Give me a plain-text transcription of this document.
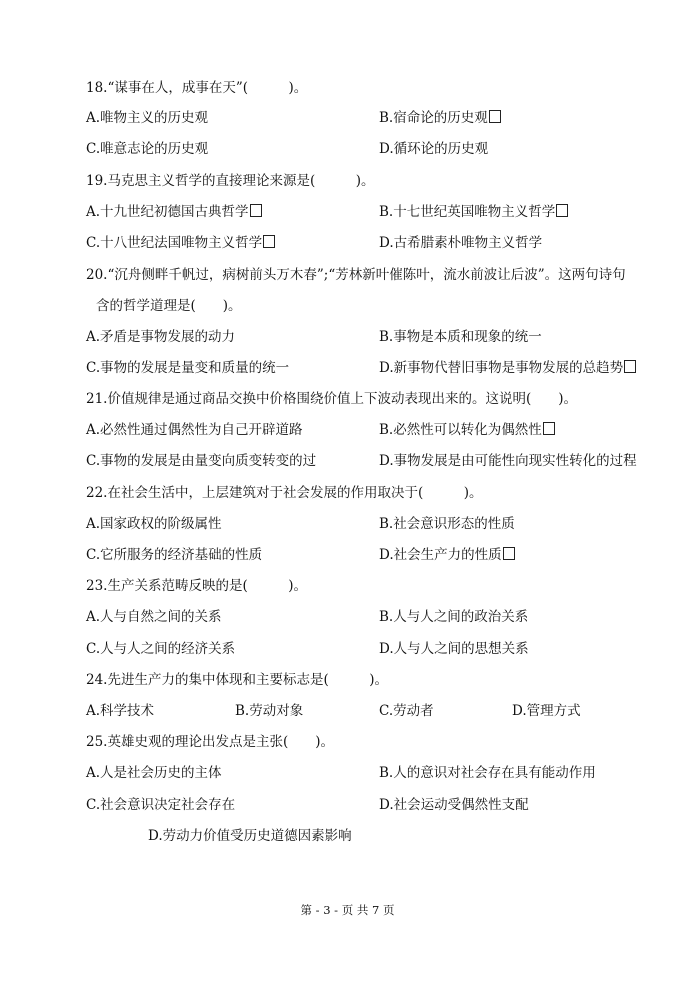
18.“谋事在人，成事在天”(　　　)。
A.唯物主义的历史观	B.宿命论的历史观
C.唯意志论的历史观	D.循环论的历史观
19.马克思主义哲学的直接理论来源是(　　　)。
A.十九世纪初德国古典哲学	B.十七世纪英国唯物主义哲学
C.十八世纪法国唯物主义哲学	D.古希腊素朴唯物主义哲学
20.“沉舟侧畔千帆过，病树前头万木春”;“芳林新叶催陈叶，流水前波让后波”。这两句诗句
含的哲学道理是(　　)。
A.矛盾是事物发展的动力	B.事物是本质和现象的统一
C.事物的发展是量变和质量的统一	D.新事物代替旧事物是事物发展的总趋势
21.价值规律是通过商品交换中价格围绕价值上下波动表现出来的。这说明(　　)。
A.必然性通过偶然性为自己开辟道路	B.必然性可以转化为偶然性
C.事物的发展是由量变向质变转变的过	D.事物发展是由可能性向现实性转化的过程
22.在社会生活中，上层建筑对于社会发展的作用取决于(　　　)。
A.国家政权的阶级属性	B.社会意识形态的性质
C.它所服务的经济基础的性质	D.社会生产力的性质
23.生产关系范畴反映的是(　　　)。
A.人与自然之间的关系	B.人与人之间的政治关系
C.人与人之间的经济关系	D.人与人之间的思想关系
24.先进生产力的集中体现和主要标志是(　　　)。
A.科学技术	B.劳动对象	C.劳动者	D.管理方式
25.英雄史观的理论出发点是主张(　　)。
A.人是社会历史的主体	B.人的意识对社会存在具有能动作用
C.社会意识决定社会存在	D.社会运动受偶然性支配
D.劳动力价值受历史道德因素影响
第 - 3 - 页 共 7 页
